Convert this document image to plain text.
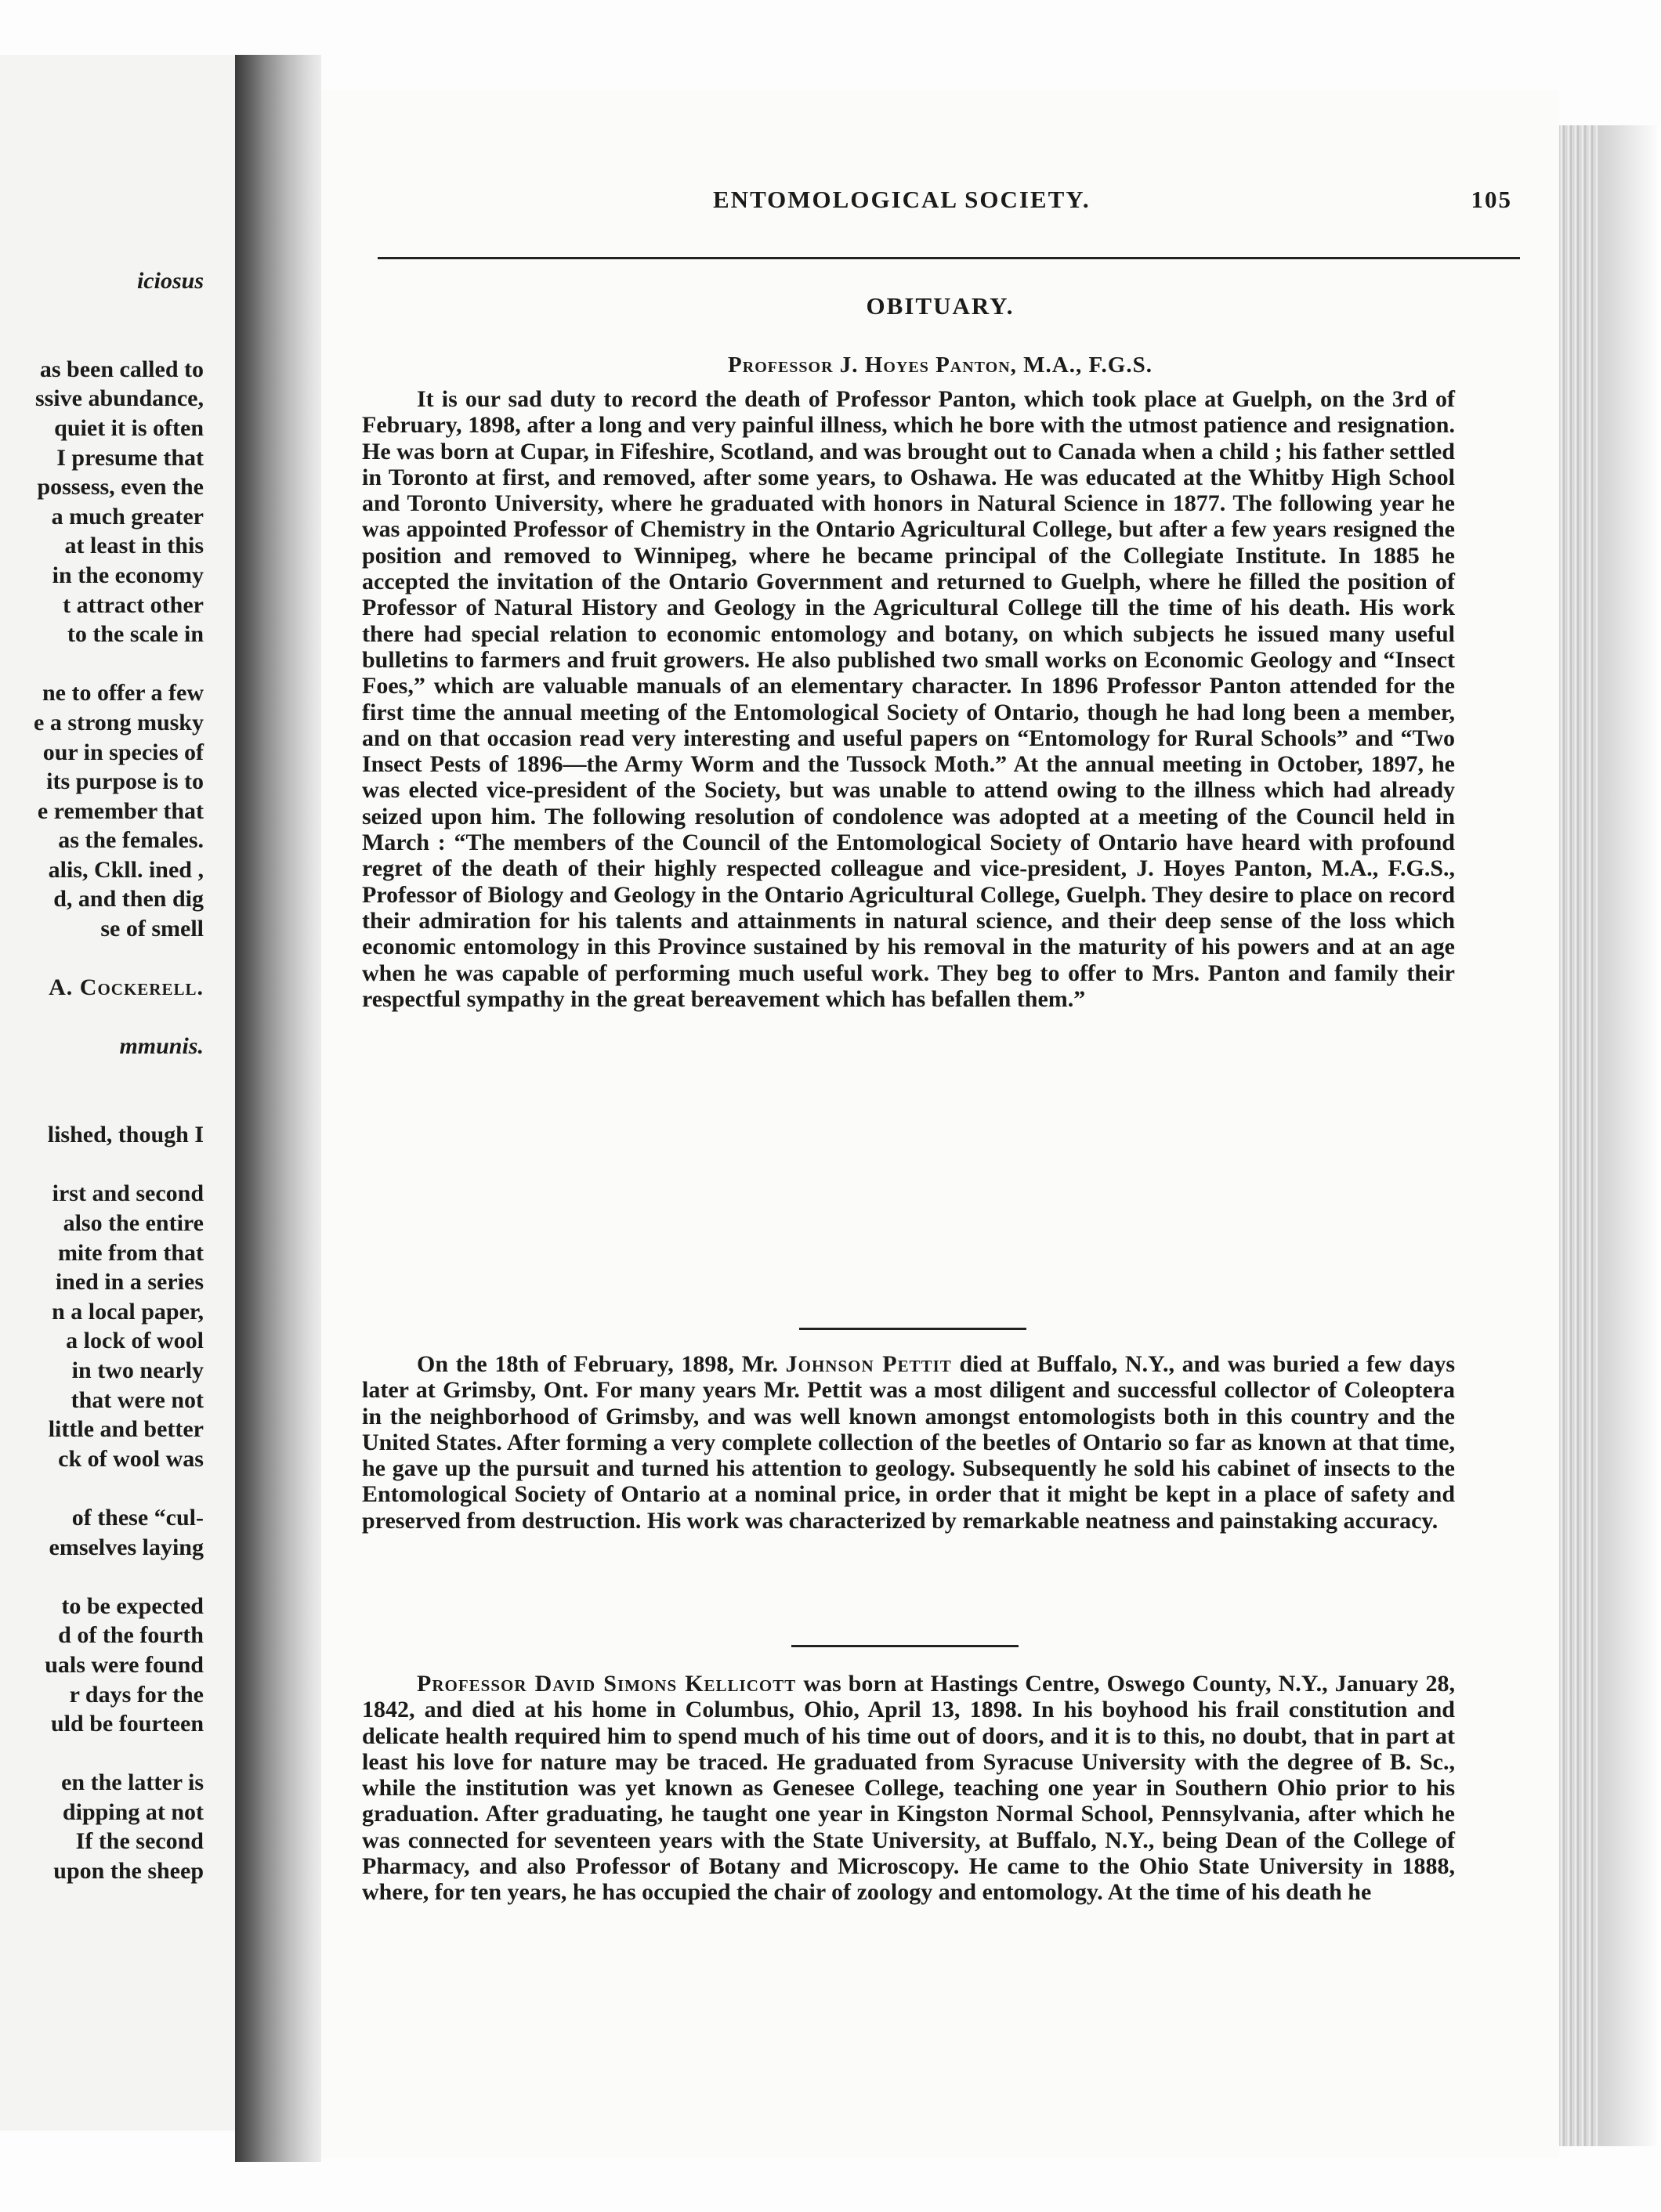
iciosus

as been called to
ssive abundance,
quiet it is often
I presume that
possess, even the
a much greater
at least in this
in the economy
t attract other
to the scale in

ne to offer a few
e a strong musky
our in species of
its purpose is to
e remember that
as the females.
alis, Ckll. ined ,
d, and then dig
se of smell

A. Cockerell.

mmunis.

lished, though I

irst and second
also the entire
mite from that
ined in a series
n a local paper,
a lock of wool
in two nearly
that were not
little and better
ck of wool was

of these “cul-
emselves laying

to be expected
d of the fourth
uals were found
r days for the
uld be fourteen

en the latter is
dipping at not
If the second
upon the sheep
ENTOMOLOGICAL SOCIETY.	105
OBITUARY.
Professor J. Hoyes Panton, M.A., F.G.S.

It is our sad duty to record the death of Professor Panton, which took place at Guelph, on the 3rd of February, 1898, after a long and very painful illness, which he bore with the utmost patience and resignation. He was born at Cupar, in Fifeshire, Scotland, and was brought out to Canada when a child ; his father settled in Toronto at first, and removed, after some years, to Oshawa. He was educated at the Whitby High School and Toronto University, where he graduated with honors in Natural Science in 1877. The following year he was appointed Professor of Chemistry in the Ontario Agricultural College, but after a few years resigned the position and removed to Winnipeg, where he became principal of the Collegiate Institute. In 1885 he accepted the invitation of the Ontario Government and returned to Guelph, where he filled the position of Professor of Natural History and Geology in the Agricultural College till the time of his death. His work there had special relation to economic entomology and botany, on which subjects he issued many useful bulletins to farmers and fruit growers. He also published two small works on Economic Geology and “Insect Foes,” which are valuable manuals of an elementary character. In 1896 Professor Panton attended for the first time the annual meeting of the Entomological Society of Ontario, though he had long been a member, and on that occasion read very interesting and useful papers on “Entomology for Rural Schools” and “Two Insect Pests of 1896—the Army Worm and the Tussock Moth.” At the annual meeting in October, 1897, he was elected vice-president of the Society, but was unable to attend owing to the illness which had already seized upon him. The following resolution of condolence was adopted at a meeting of the Council held in March : “The members of the Council of the Entomological Society of Ontario have heard with profound regret of the death of their highly respected colleague and vice-president, J. Hoyes Panton, M.A., F.G.S., Professor of Biology and Geology in the Ontario Agricultural College, Guelph. They desire to place on record their admiration for his talents and attainments in natural science, and their deep sense of the loss which economic entomology in this Province sustained by his removal in the maturity of his powers and at an age when he was capable of performing much useful work. They beg to offer to Mrs. Panton and family their respectful sympathy in the great bereavement which has befallen them.”

On the 18th of February, 1898, Mr. Johnson Pettit died at Buffalo, N.Y., and was buried a few days later at Grimsby, Ont. For many years Mr. Pettit was a most diligent and successful collector of Coleoptera in the neighborhood of Grimsby, and was well known amongst entomologists both in this country and the United States. After forming a very complete collection of the beetles of Ontario so far as known at that time, he gave up the pursuit and turned his attention to geology. Subsequently he sold his cabinet of insects to the Entomological Society of Ontario at a nominal price, in order that it might be kept in a place of safety and preserved from destruction. His work was characterized by remarkable neatness and painstaking accuracy.

Professor David Simons Kellicott was born at Hastings Centre, Oswego County, N.Y., January 28, 1842, and died at his home in Columbus, Ohio, April 13, 1898. In his boyhood his frail constitution and delicate health required him to spend much of his time out of doors, and it is to this, no doubt, that in part at least his love for nature may be traced. He graduated from Syracuse University with the degree of B. Sc., while the institution was yet known as Genesee College, teaching one year in Southern Ohio prior to his graduation. After graduating, he taught one year in Kingston Normal School, Pennsylvania, after which he was connected for seventeen years with the State University, at Buffalo, N.Y., being Dean of the College of Pharmacy, and also Professor of Botany and Microscopy. He came to the Ohio State University in 1888, where, for ten years, he has occupied the chair of zoology and entomology. At the time of his death he
